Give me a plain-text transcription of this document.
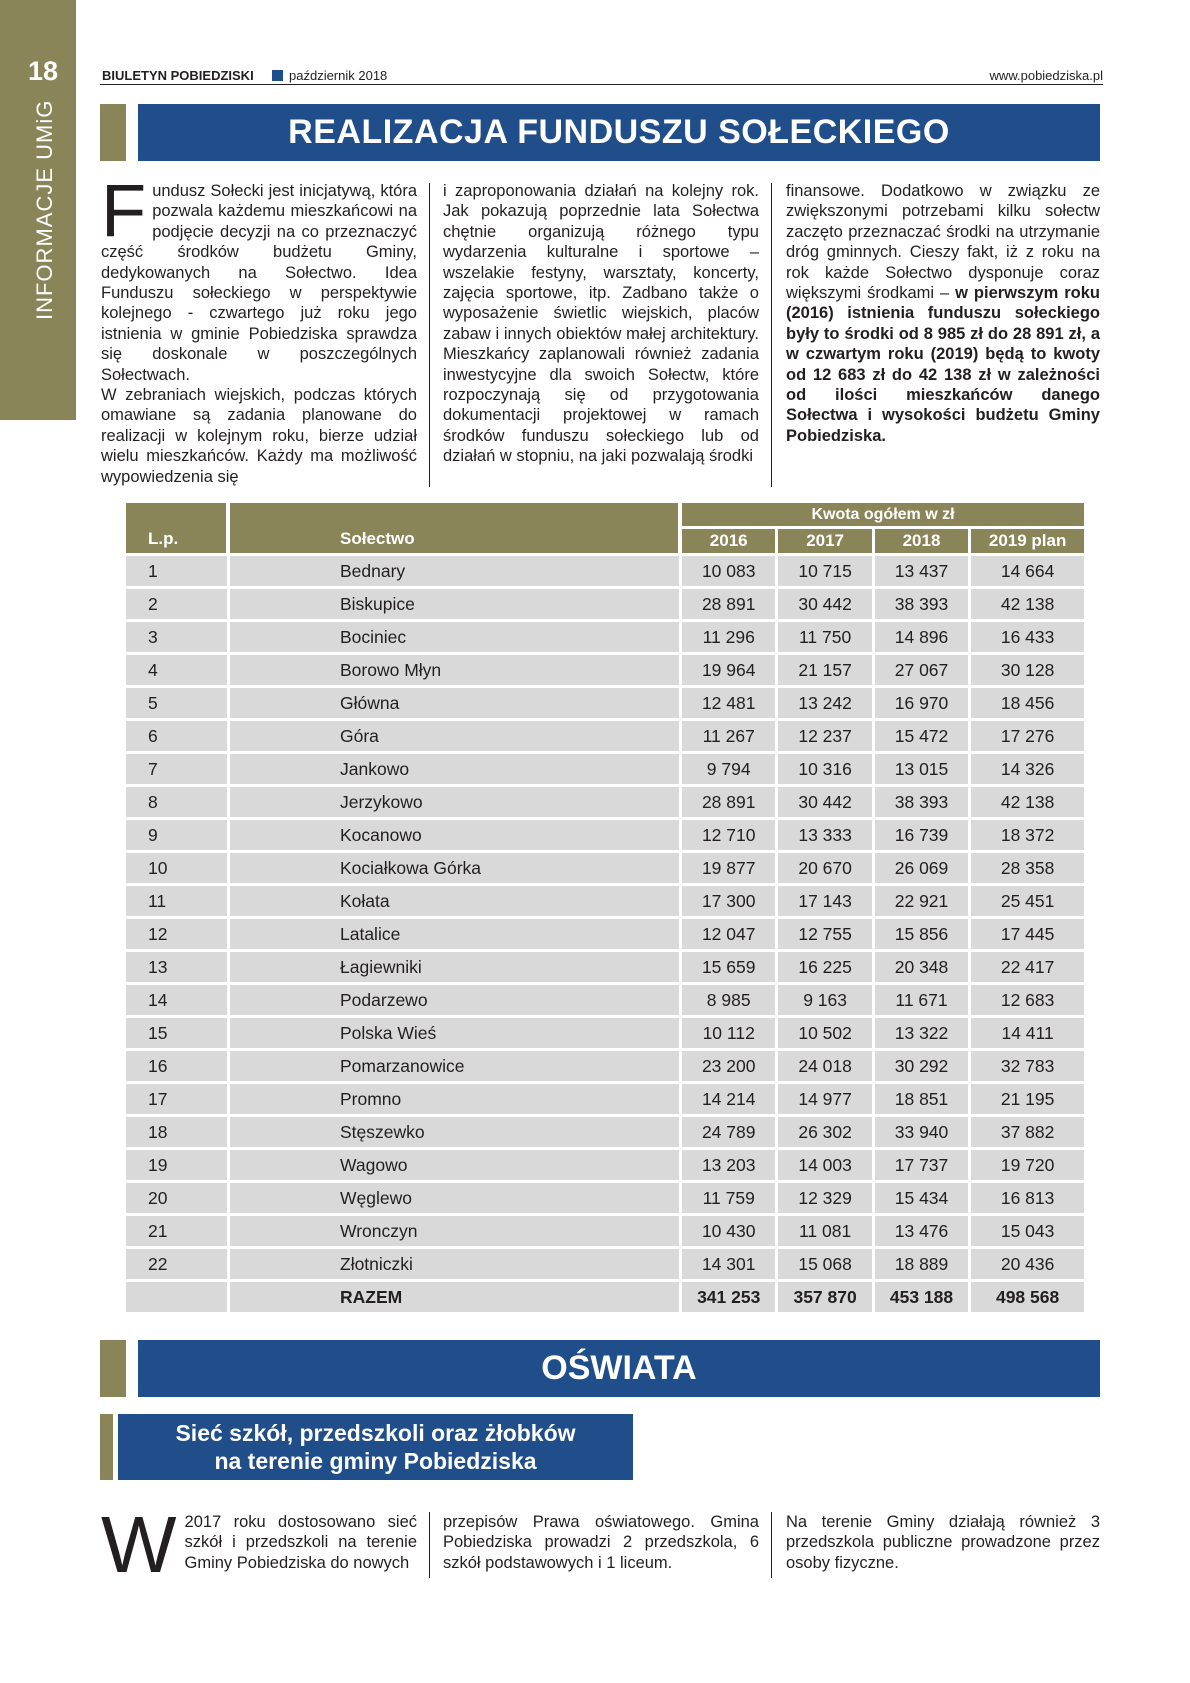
18
INFORMACJE UMiG
BIULETYN POBIEDZISKI	październik 2018	www.pobiedziska.pl
REALIZACJA FUNDUSZU SOŁECKIEGO

Fundusz Sołecki jest inicjatywą, która pozwala każdemu mieszkańcowi na podjęcie decyzji na co przeznaczyć część środków budżetu Gminy, dedykowanych na Sołectwo. Idea Funduszu sołeckiego w perspektywie kolejnego - czwartego już roku jego istnienia w gminie Pobiedziska sprawdza się doskonale w poszczególnych Sołectwach.

W zebraniach wiejskich, podczas których omawiane są zadania planowane do realizacji w kolejnym roku, bierze udział wielu mieszkańców. Każdy ma możliwość wypowiedzenia się

i zaproponowania działań na kolejny rok. Jak pokazują poprzednie lata Sołectwa chętnie organizują różnego typu wydarzenia kulturalne i sportowe – wszelakie festyny, warsztaty, koncerty, zajęcia sportowe, itp. Zadbano także o wyposażenie świetlic wiejskich, placów zabaw i innych obiektów małej architektury. Mieszkańcy zaplanowali również zadania inwestycyjne dla swoich Sołectw, które rozpoczynają się od przygotowania dokumentacji projektowej w ramach środków funduszu sołeckiego lub od działań w stopniu, na jaki pozwalają środki
finansowe. Dodatkowo w związku ze zwiększonymi potrzebami kilku sołectw zaczęto przeznaczać środki na utrzymanie dróg gminnych. Cieszy fakt, iż z roku na rok każde Sołectwo dysponuje coraz większymi środkami – w pierwszym roku (2016) istnienia funduszu sołeckiego były to środki od 8 985 zł do 28 891 zł, a w czwartym roku (2019) będą to kwoty od 12 683 zł do 42 138 zł w zależności od ilości mieszkańców danego Sołectwa i wysokości budżetu Gminy Pobiedziska.
L.p.	Sołectwo	Kwota ogółem w zł			
		2016	2017	2018	2019 plan
1	Bednary	10 083	10 715	13 437	14 664
2	Biskupice	28 891	30 442	38 393	42 138
3	Bociniec	11 296	11 750	14 896	16 433
4	Borowo Młyn	19 964	21 157	27 067	30 128
5	Główna	12 481	13 242	16 970	18 456
6	Góra	11 267	12 237	15 472	17 276
7	Jankowo	9 794	10 316	13 015	14 326
8	Jerzykowo	28 891	30 442	38 393	42 138
9	Kocanowo	12 710	13 333	16 739	18 372
10	Kociałkowa Górka	19 877	20 670	26 069	28 358
11	Kołata	17 300	17 143	22 921	25 451
12	Latalice	12 047	12 755	15 856	17 445
13	Łagiewniki	15 659	16 225	20 348	22 417
14	Podarzewo	8 985	9 163	11 671	12 683
15	Polska Wieś	10 112	10 502	13 322	14 411
16	Pomarzanowice	23 200	24 018	30 292	32 783
17	Promno	14 214	14 977	18 851	21 195
18	Stęszewko	24 789	26 302	33 940	37 882
19	Wagowo	13 203	14 003	17 737	19 720
20	Węglewo	11 759	12 329	15 434	16 813
21	Wronczyn	10 430	11 081	13 476	15 043
22	Złotniczki	14 301	15 068	18 889	20 436
	RAZEM	341 253	357 870	453 188	498 568
OŚWIATA
Sieć szkół, przedszkoli oraz żłobków
na terenie gminy Pobiedziska
W 2017 roku dostosowano sieć szkół i przedszkoli na terenie Gminy Pobiedziska do nowych
przepisów Prawa oświatowego. Gmina Pobiedziska prowadzi 2 przedszkola, 6 szkół podstawowych i 1 liceum.
Na terenie Gminy działają również 3 przedszkola publiczne prowadzone przez osoby fizyczne.
